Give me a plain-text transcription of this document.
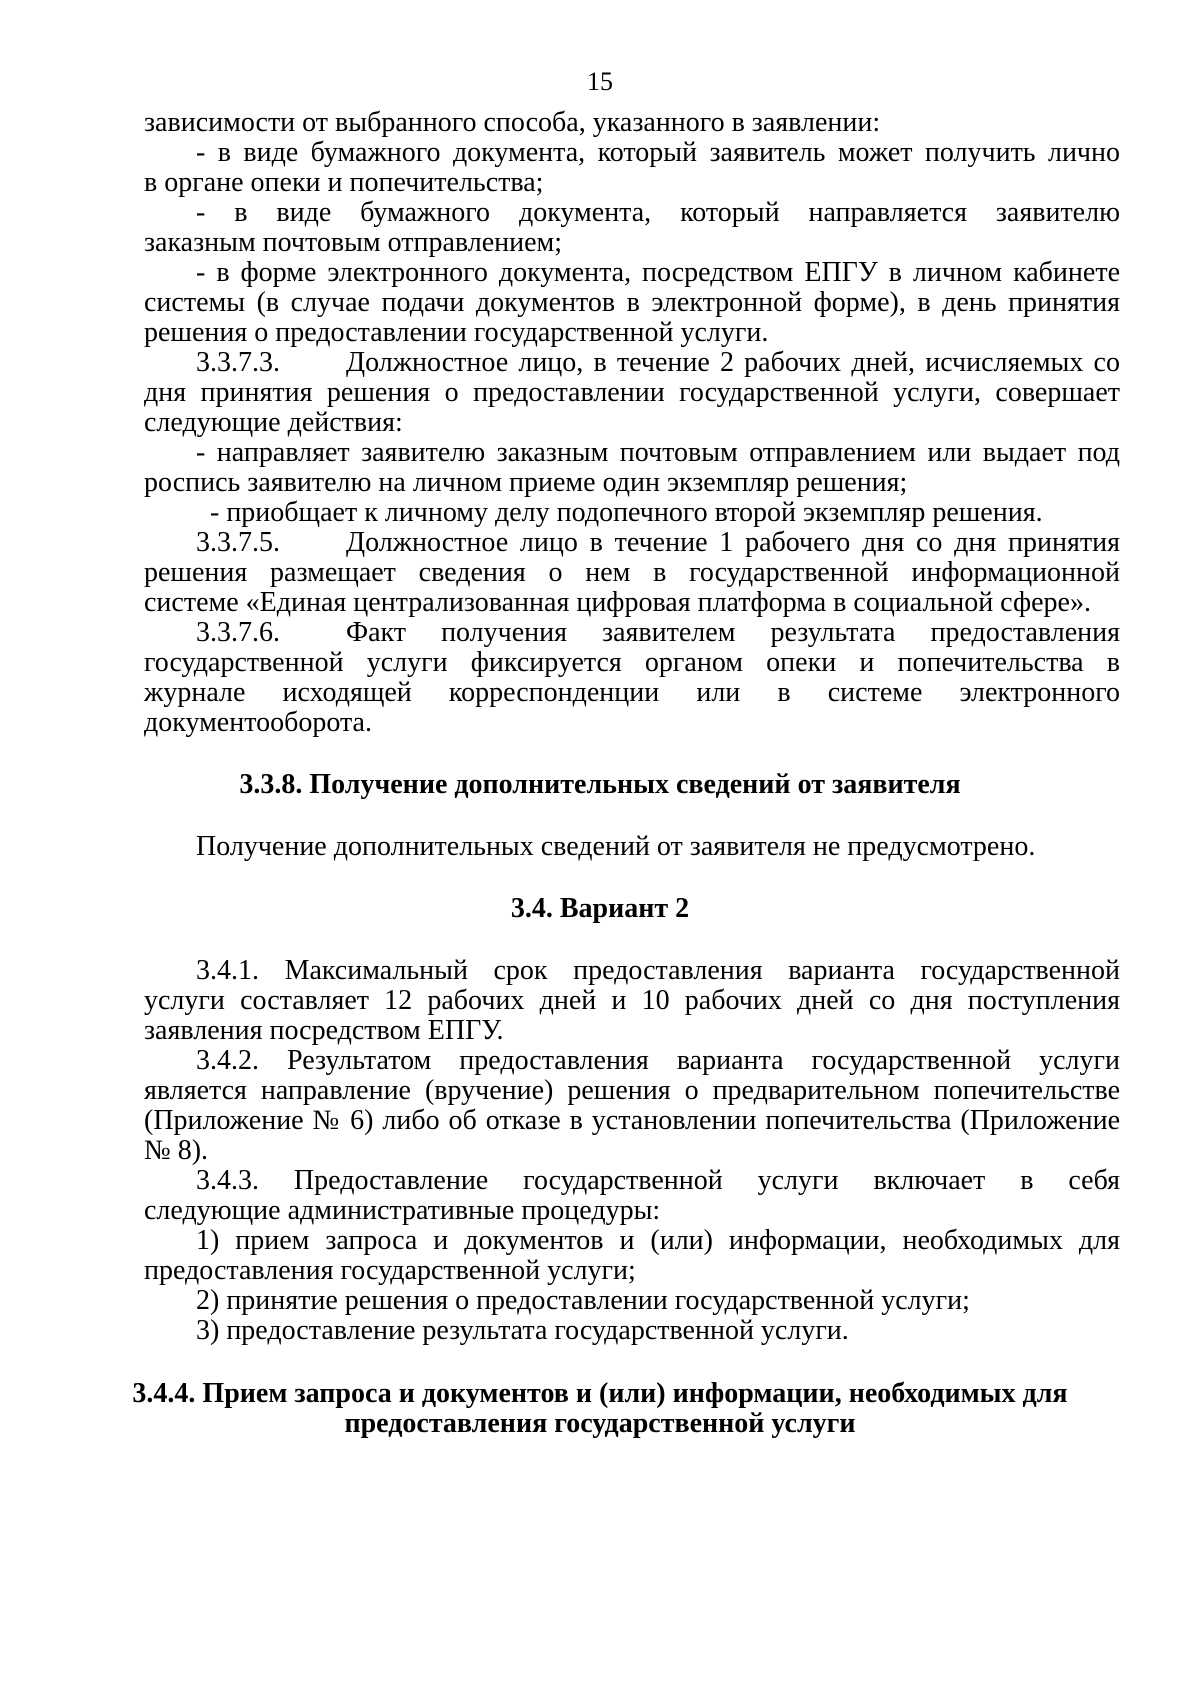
15
зависимости от выбранного способа, указанного в заявлении:
- в виде бумажного документа, который заявитель может получить лично
в органе опеки и попечительства;
- в виде бумажного документа, который направляется заявителю
заказным почтовым отправлением;
- в форме электронного документа, посредством ЕПГУ в личном кабинете
системы (в случае подачи документов в электронной форме), в день принятия
решения о предоставлении государственной услуги.
3.3.7.3. Должностное лицо, в течение 2 рабочих дней, исчисляемых со
дня принятия решения о предоставлении государственной услуги, совершает
следующие действия:
- направляет заявителю заказным почтовым отправлением или выдает под
роспись заявителю на личном приеме один экземпляр решения;
- приобщает к личному делу подопечного второй экземпляр решения.
3.3.7.5. Должностное лицо в течение 1 рабочего дня со дня принятия
решения размещает сведения о нем в государственной информационной
системе «Единая централизованная цифровая платформа в социальной сфере».
3.3.7.6. Факт получения заявителем результата предоставления
государственной услуги фиксируется органом опеки и попечительства в
журнале исходящей корреспонденции или в системе электронного
документооборота.
3.3.8. Получение дополнительных сведений от заявителя
Получение дополнительных сведений от заявителя не предусмотрено.
3.4. Вариант 2
3.4.1. Максимальный срок предоставления варианта государственной
услуги составляет 12 рабочих дней и 10 рабочих дней со дня поступления
заявления посредством ЕПГУ.
3.4.2. Результатом предоставления варианта государственной услуги
является направление (вручение) решения о предварительном попечительстве
(Приложение № 6) либо об отказе в установлении попечительства (Приложение
№ 8).
3.4.3. Предоставление государственной услуги включает в себя
следующие административные процедуры:
1) прием запроса и документов и (или) информации, необходимых для
предоставления государственной услуги;
2) принятие решения о предоставлении государственной услуги;
3) предоставление результата государственной услуги.
3.4.4. Прием запроса и документов и (или) информации, необходимых для
предоставления государственной услуги
